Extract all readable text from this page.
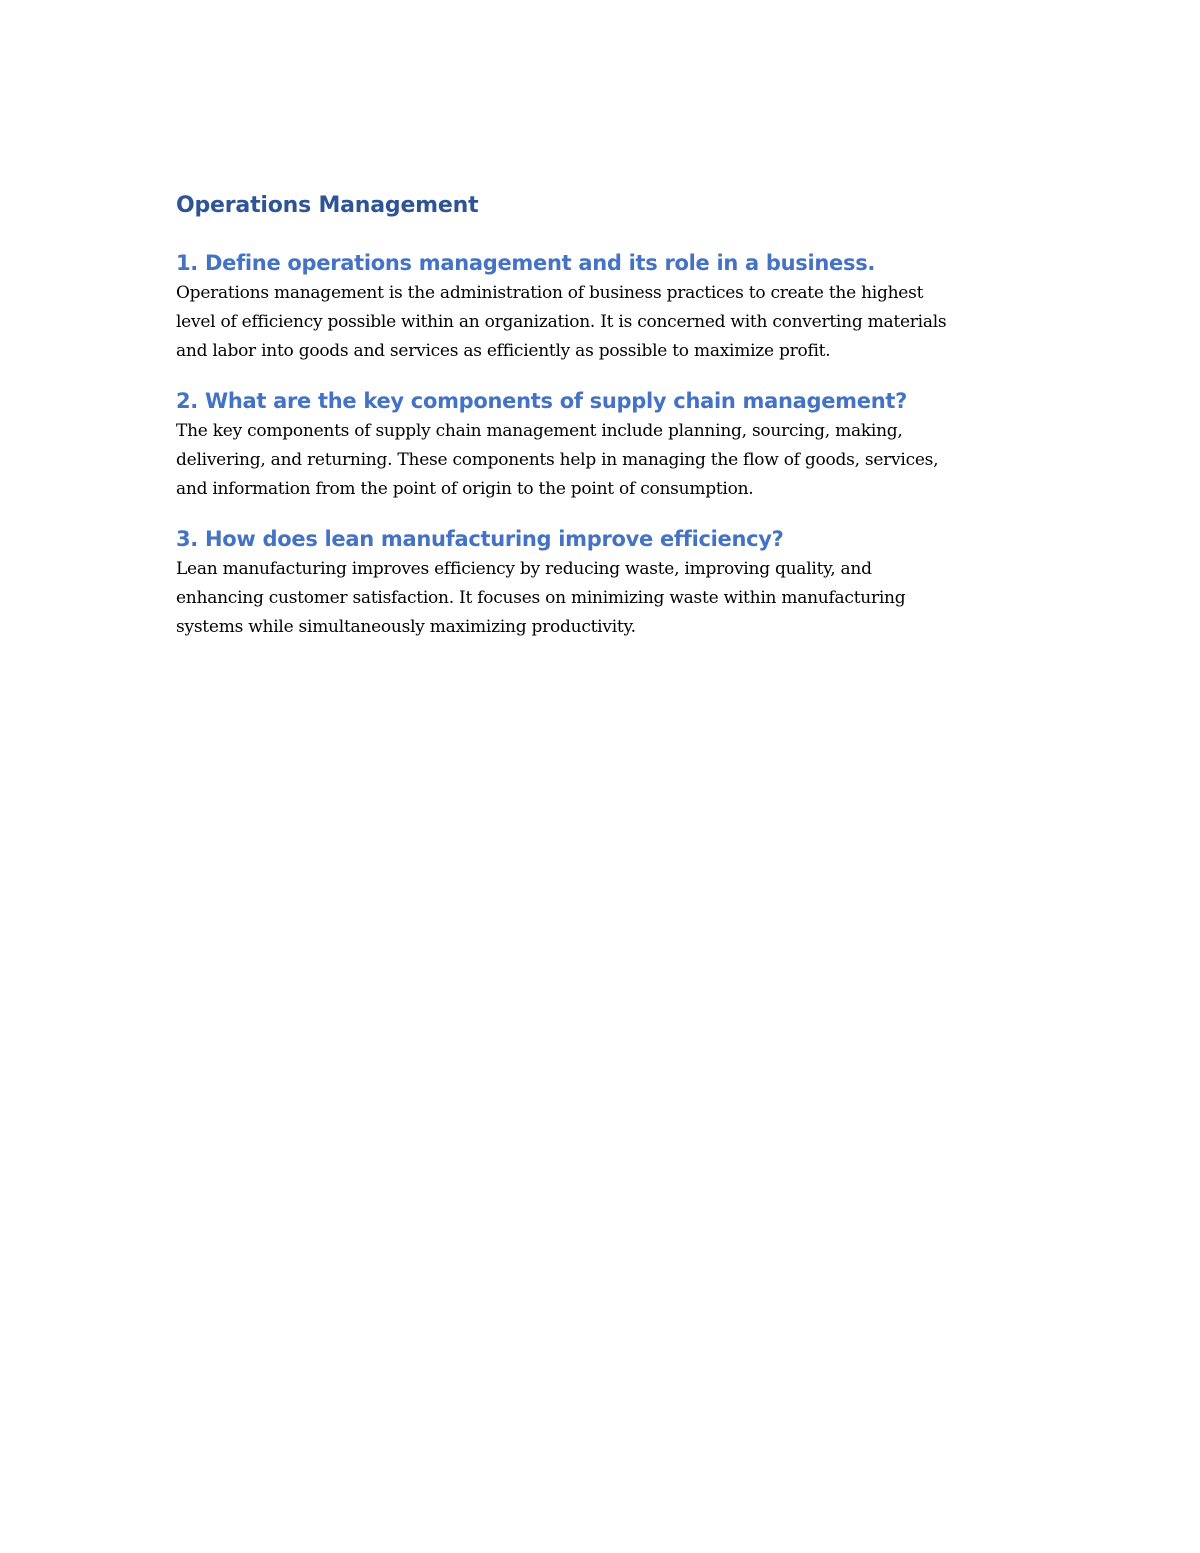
Operations Management
1. Define operations management and its role in a business.

Operations management is the administration of business practices to create the highest

level of efficiency possible within an organization. It is concerned with converting materials

and labor into goods and services as efficiently as possible to maximize profit.

2. What are the key components of supply chain management?

The key components of supply chain management include planning, sourcing, making,

delivering, and returning. These components help in managing the flow of goods, services,

and information from the point of origin to the point of consumption.

3. How does lean manufacturing improve efficiency?

Lean manufacturing improves efficiency by reducing waste, improving quality, and

enhancing customer satisfaction. It focuses on minimizing waste within manufacturing

systems while simultaneously maximizing productivity.
